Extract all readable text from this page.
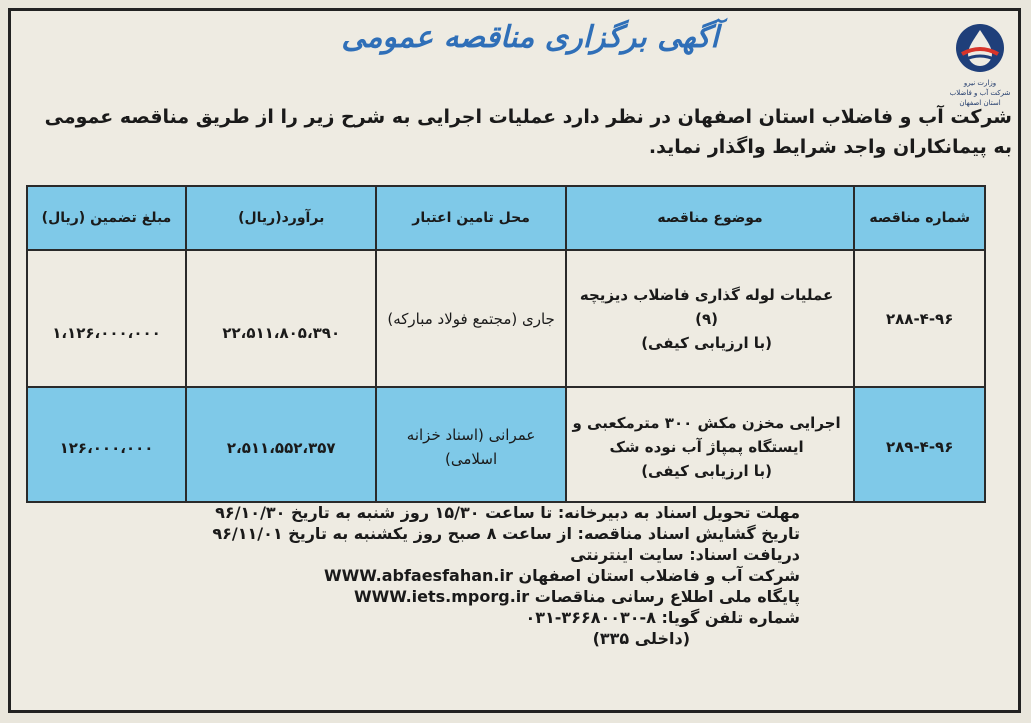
وزارت نیرو
شرکت آب و فاضلاب استان اصفهان
آگهی برگزاری مناقصه عمومی
شرکت آب و فاضلاب استان اصفهان در نظر دارد عملیات اجرایی به شرح زیر را از طریق مناقصه عمومی به پیمانکاران واجد شرایط واگذار نماید.
شماره مناقصه	موضوع مناقصه	محل تامین اعتبار	برآورد(ریال)	مبلغ تضمین (ریال)
۲۸۸-۴-۹۶	عملیات لوله گذاری فاضلاب دیزیچه (۹)
(با ارزیابی کیفی)	جاری (مجتمع فولاد مبارکه)	۲۲،۵۱۱،۸۰۵،۳۹۰	۱،۱۲۶،۰۰۰،۰۰۰
۲۸۹-۴-۹۶	اجرایی مخزن مکش ۳۰۰ مترمکعبی و
ایستگاه پمپاژ آب نوده شک
(با ارزیابی کیفی)	عمرانی (اسناد خزانه اسلامی)	۲،۵۱۱،۵۵۲،۳۵۷	۱۲۶،۰۰۰،۰۰۰
مهلت تحویل اسناد به دبیرخانه: تا ساعت ۱۵/۳۰ روز شنبه به تاریخ ۹۶/۱۰/۳۰
تاریخ گشایش اسناد مناقصه: از ساعت ۸ صبح روز یکشنبه به تاریخ ۹۶/۱۱/۰۱
دریافت اسناد: سایت اینترنتی
شرکت آب و فاضلاب استان اصفهان WWW.abfaesfahan.ir
پایگاه ملی اطلاع رسانی مناقصات WWW.iets.mporg.ir
شماره تلفن گویا: ۸-۳۶۶۸۰۰۳۰-۰۳۱
(داخلی ۳۳۵)
